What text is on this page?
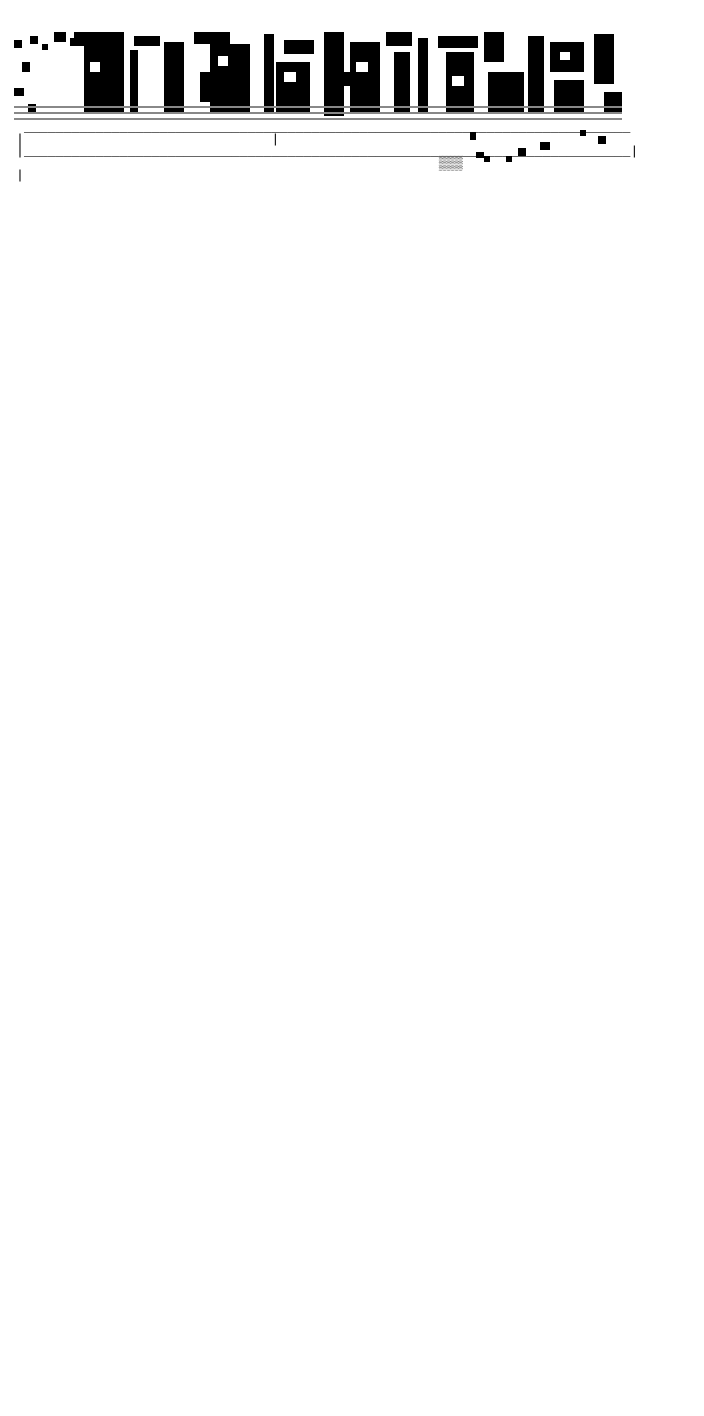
____________________________________________________________________________
|	|
|____________________________________________________________________________|
▒▒▒
|
